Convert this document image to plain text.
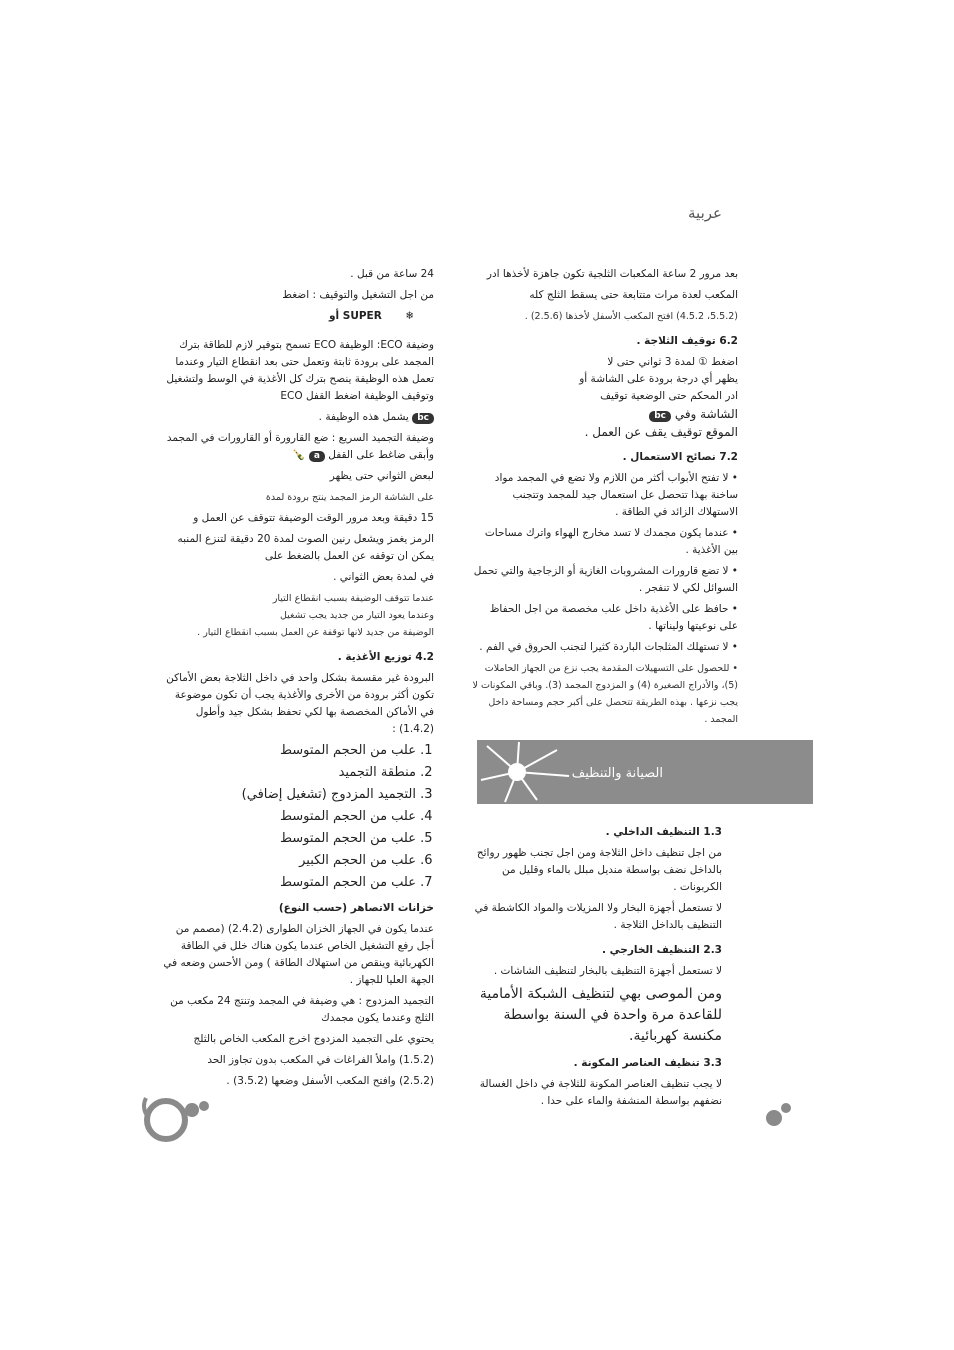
عربية

بعد مرور 2 ساعة المكعبات الثلجية تكون جاهزة لأخذها ادر

المكعب لعدة مرات متتابعة حتى يسقط الثلج كله

(5.5.2، 4.5.2) افتح المكعب الأسفل لأخذها (2.5.6) .

6.2 توقيف الثلاجة .

اضغط ① لمدة 3 ثواني حتى لا

يظهر أي درجة برودة على الشاشة أو

ادر المحكم حتى الوضعية توقيف

الشاشة وفي bc

الموقع توقيف يقف عن العمل .

7.2 نصائح الاستعمال .
• لا تفتح الأبواب أكثر من اللازم ولا تضع في المجمد مواد ساخنة بهذا تتحصل عل استعمال جيد للمجمد وتتجنب الاستهلاك الزائد في الطاقة .
• عندما يكون مجمدك لا تسد مخارج الهواء واترك مساحات بين الأغذية .
• لا تضع قارورات المشروبات الغازية أو الزجاجية والتي تحمل السوائل لكي لا تنفجر .
• حافظ على الأغذية داخل علب مخصصة من اجل الحفاظ على نوعيتها وليناتها .
• لا تستهلك المثلجات الباردة كثيرا لتجنب الحروق في الفم .
• للحصول على التسهيلات المقدمة يجب نزع من الجهاز الحاملات (5)، والأدراج الصغيرة (4) و المزدوج المجمد (3). وباقي المكونات لا يجب نزعها . بهذه الطريقة تتحصل على أكبر حجم ومساحة داخل المجمد .
الصيانة والتنظيف
1.3 التنظيف الداخلي .

من اجل تنظيف داخل الثلاجة ومن اجل تجنب ظهور روائح بالداخل نضف بواسطة منديل مبلل بالماء وقليل من الكربونات .

لا تستعمل أجهزة البخار ولا المزيلات والمواد الكاشطة في التنظيف بالداخل الثلاجة .

2.3 التنظيف الخارجي .

لا تستعمل أجهزة التنظيف بالبخار لتنظيف الشاشات .

ومن الموصى بهي لتنظيف الشبكة الأمامية للقاعدة مرة واحدة في السنة بواسطة مكنسة كهربائية.

3.3 تنظيف العناصر المكونة .

لا يجب تنظيف العناصر المكونة للثلاجة في داخل الغسالة نضفهم بواسطة المنشفة والماء على حدا .

24 ساعة من قبل .

من اجل التشغيل والتوقيف : اضغط

❄       SUPER أو

وضيفة ECO: الوظيفة ECO تسمح بتوفير لازم للطاقة بترك المجمد على برودة ثابتة وتعمل حتى بعد انقطاع التيار وعندما تعمل هذه الوظيفة ينصح بترك كل الأغذية في الوسط ولتشغيل وتوقيف الوظيفة اضغط القفل ECO

bc يشمل هذه الوظيفة .

وضيفة التجميد السريع : ضع القارورة أو القارورات في المجمد وأبقى ضاغط على القفل a 🍾

لبعض الثواني حتى يظهر

على الشاشة الرمز المجمد ينتج برودة لمدة

15 دقيقة وبعد مرور الوقت الوضيفة تتوقف عن العمل و

الرمز يغمز ويشعل رنين الصوت لمدة 20 دقيقة لتنزع المنبه يمكن ان توقفه عن العمل بالضغط على

في لمدة بعض الثواني .

عندما تتوقف الوضيفة بسبب انقطاع التيار

وعندما يعود التيار من جديد يجب تشغيل

الوضيفة من جديد لانها توقفة عن العمل بسبب انقطاع التيار .

4.2 توزيع الأغذية .

البرودة غير مقسمة بشكل واحد في داخل الثلاجة بعض الأماكن تكون أكثر برودة من الأخرى والأغذية يجب أن تكون موضوعة في الأماكن المخصصة بها لكي تحفظ بشكل جيد وأطول (1.4.2) :

1. علب من الحجم المتوسط
2. منطقة التجميد
3. التجميد المزدوج (تشغيل إضافي)
4. علب من الحجم المتوسط
5. علب من الحجم المتوسط
6. علب من الحجم الكبير
7. علب من الحجم المتوسط
خزانات الاتصاهر (حسب النوع)

عندما يكون في الجهاز الخزان الطوارى (2.4.2) (مصمم من أجل رفع التشغيل الخاص عندما يكون هناك خلل في الطاقة الكهربائية وينقص من استهلاك الطاقة ) ومن الأحسن وضعه في الجهة العليا للجهاز .

التجميد المزدوج : هي وضيفة في المجمد وتنتج 24 مكعب من الثلج وعندما يكون مجمدك

يحتوي على التجميد المزدوج اخرج المكعب الخاص بالثلج

(1.5.2) واملأ الفراغات في المكعب بدون تجاوز الحد

(2.5.2) وافتح المكعب الأسفل وضعها (3.5.2) .
